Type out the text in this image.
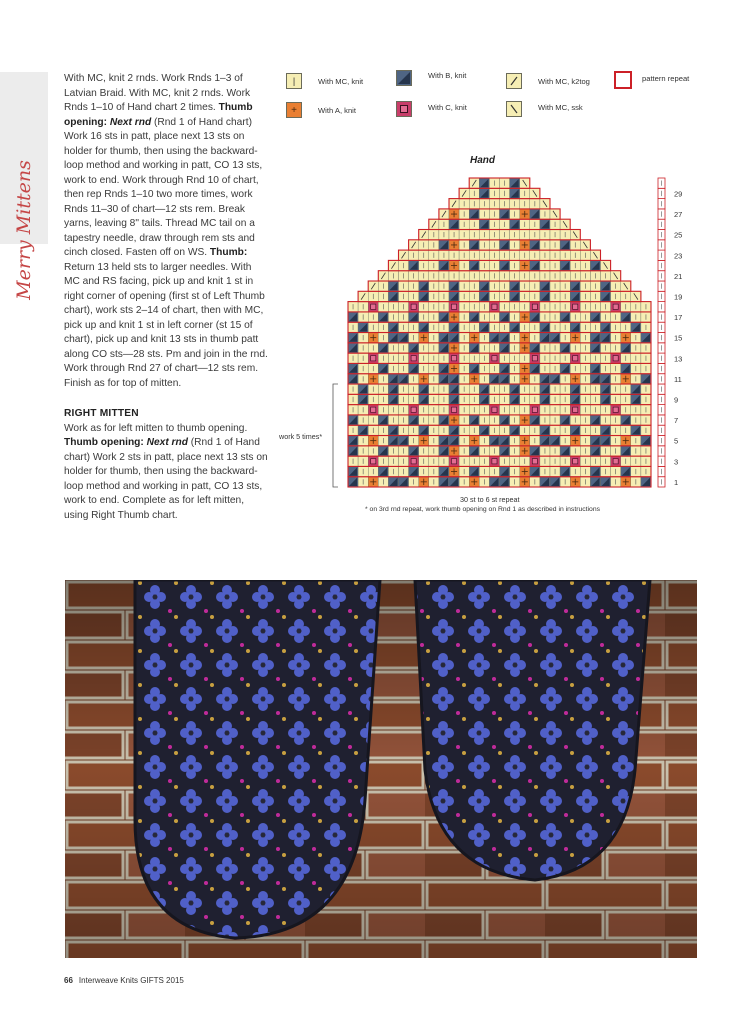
Merry Mittens

With MC, knit 2 rnds. Work Rnds 1–3 of Latvian Braid. With MC, knit 2 rnds. Work Rnds 1–10 of Hand chart 2 times. Thumb opening: Next rnd (Rnd 1 of Hand chart) Work 16 sts in patt, place next 13 sts on holder for thumb, then using the backward-loop method and working in patt, CO 13 sts, work to end. Work through Rnd 10 of chart, then rep Rnds 1–10 two more times, work Rnds 11–30 of chart—12 sts rem. Break yarns, leaving 8" tails. Thread MC tail on a tapestry needle, draw through rem sts and cinch closed. Fasten off on WS. Thumb: Return 13 held sts to larger needles. With MC and RS facing, pick up and knit 1 st in right corner of opening (first st of Left Thumb chart), work sts 2–14 of chart, then with MC, pick up and knit 1 st in left corner (st 15 of chart), pick up and knit 13 sts in thumb patt along CO sts—28 sts. Pm and join in the rnd. Work through Rnd 27 of chart—12 sts rem. Finish as for top of mitten.

RIGHT MITTEN

Work as for left mitten to thumb opening. Thumb opening: Next rnd (Rnd 1 of Hand chart) Work 2 sts in patt, place next 13 sts on holder for thumb, then using the backward-loop method and working in patt, CO 13 sts, work to end. Complete as for left mitten, using Right Thumb chart.

|	With MC, knit
With B, knit
With MC, k2tog	pattern repeat
+	With A, knit	With C, knit	With MC, ssk
Hand
1
3
5
7
9
11
13
15
17
19
21
23
25
27
29
work 5 times*
30 st to 6 st repeat
* on 3rd rnd repeat, work thumb opening on Rnd 1 as described in instructions
66 Interweave Knits GIFTS 2015
